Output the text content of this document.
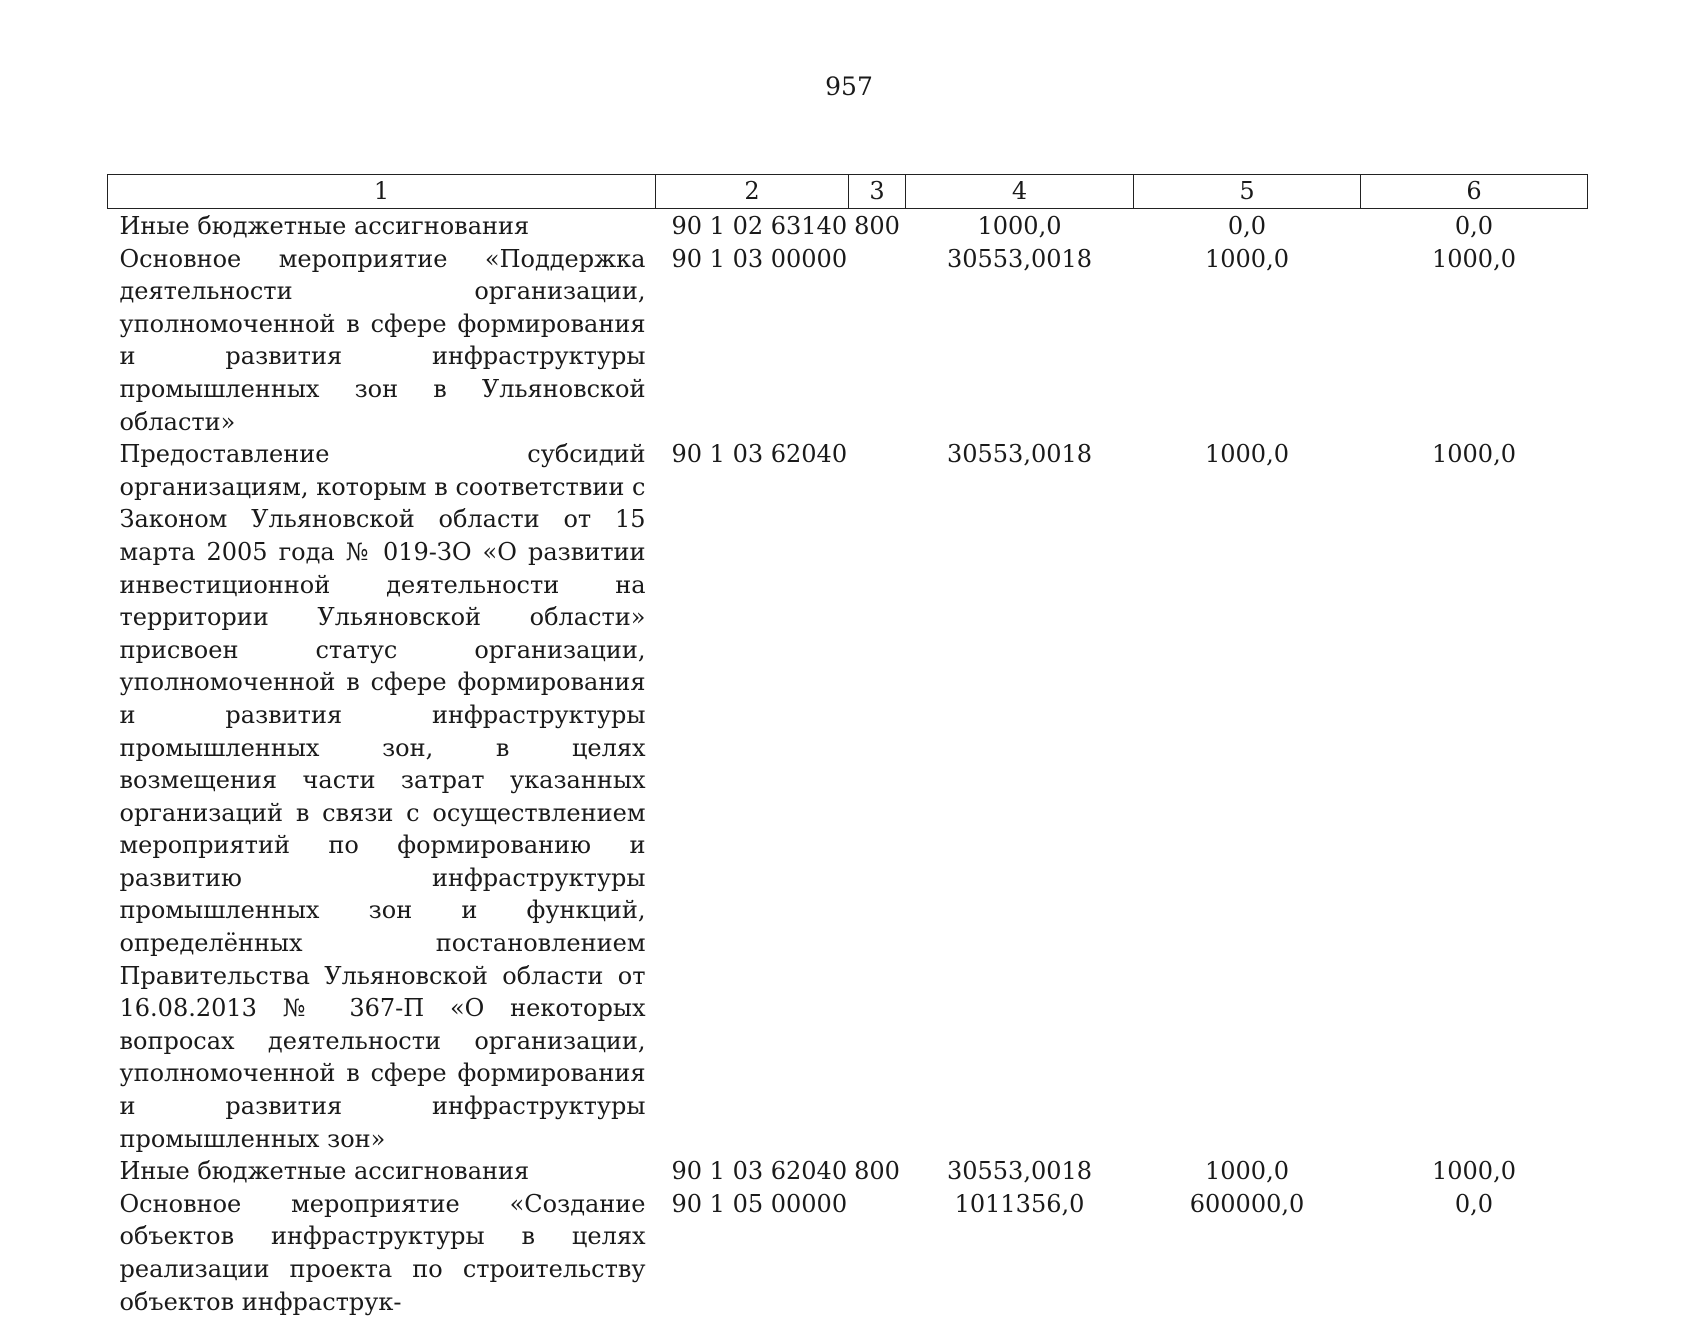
957
1	2	3	4	5	6
Иные бюджетные ассигнования	90 1 02 63140	800	1000,0	0,0	0,0
Основное мероприятие «Поддержка деятельности организации, уполномоченной в сфере формирования и развития инфраструктуры промышленных зон в Ульяновской области»	90 1 03 00000		30553,0018	1000,0	1000,0
Предоставление субсидий организациям, которым в соответствии с Законом Ульяновской области от 15 марта 2005 года № 019-ЗО «О развитии инвестиционной деятельности на территории Ульяновской области» присвоен статус организации, уполномоченной в сфере формирования и развития инфраструктуры промышленных зон, в целях возмещения части затрат указанных организаций в связи с осуществлением мероприятий по формированию и развитию инфраструктуры промышленных зон и функций, определённых постановлением Правительства Ульяновской области от 16.08.2013 № 367-П «О некоторых вопросах деятельности организации, уполномоченной в сфере формирования и развития инфраструктуры промышленных зон»	90 1 03 62040		30553,0018	1000,0	1000,0
Иные бюджетные ассигнования	90 1 03 62040	800	30553,0018	1000,0	1000,0
Основное мероприятие «Создание объектов инфраструктуры в целях реализации проекта по строительству объектов инфраструк-	90 1 05 00000		1011356,0	600000,0	0,0
